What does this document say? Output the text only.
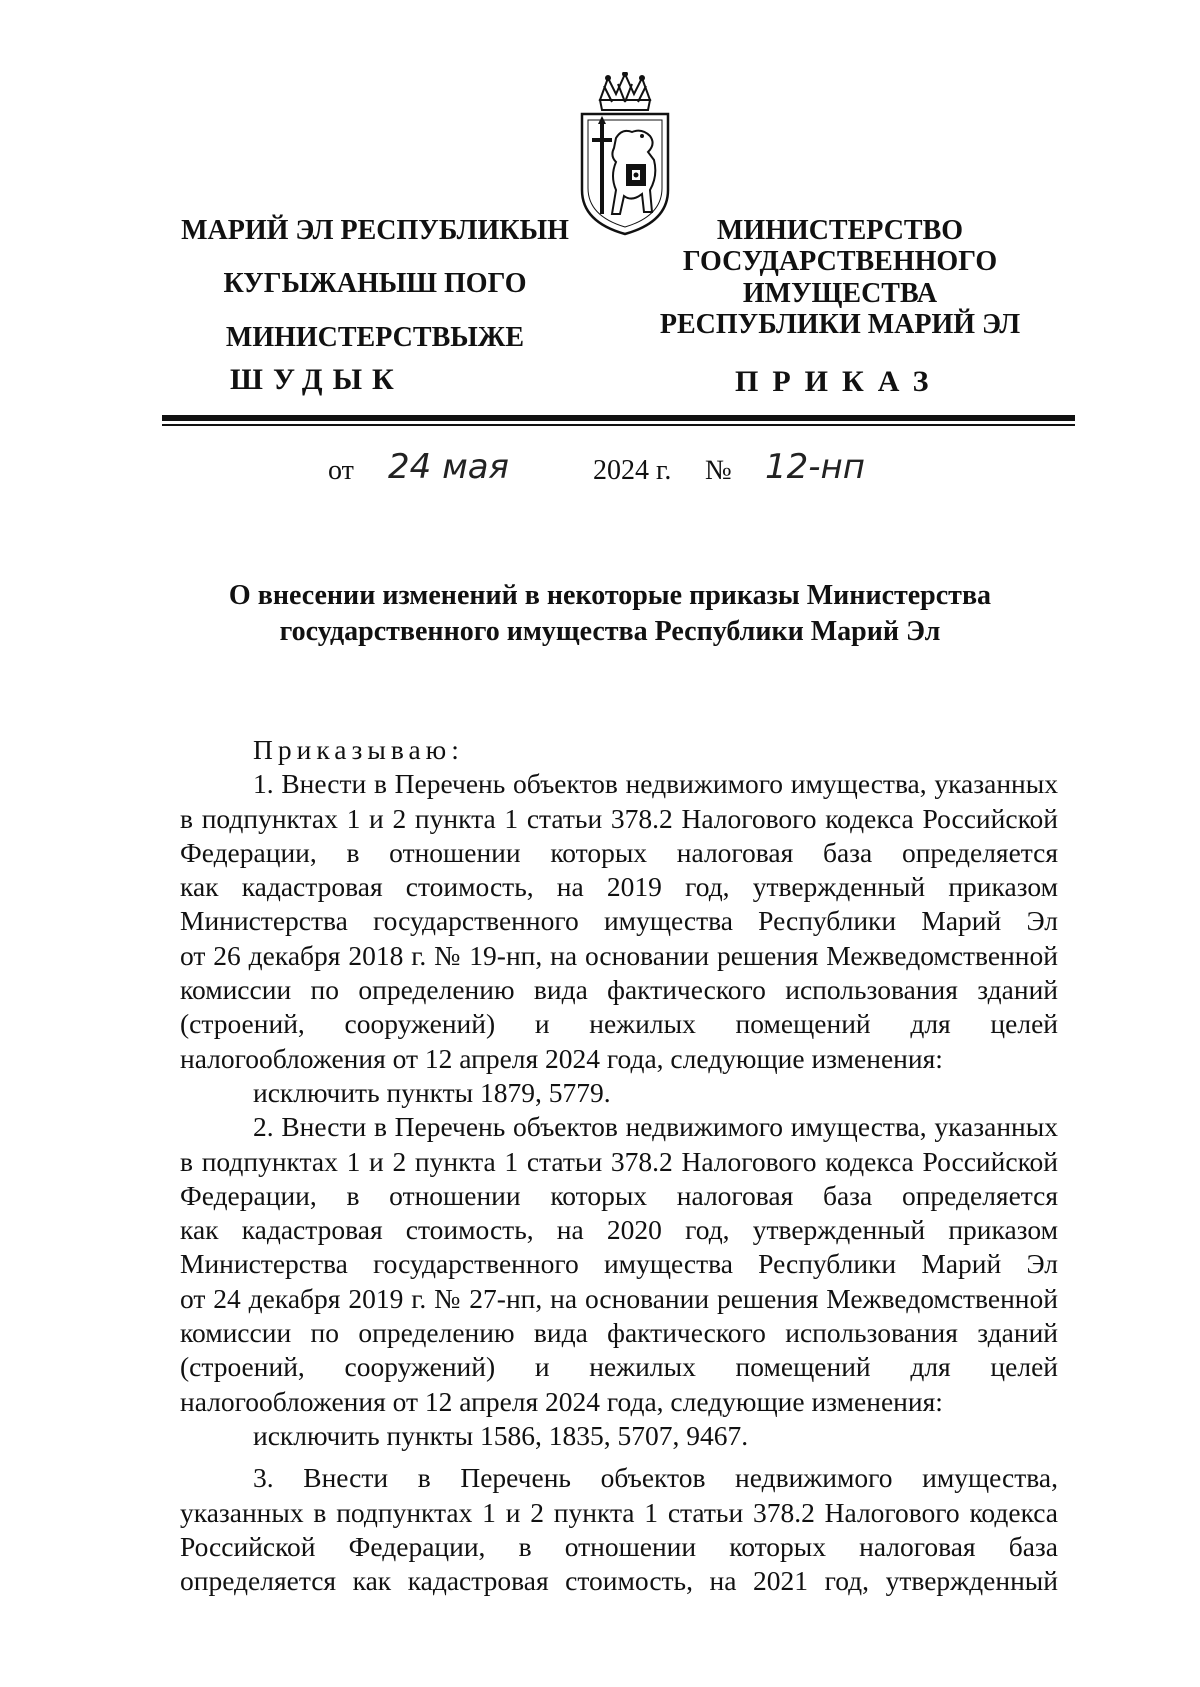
МАРИЙ ЭЛ РЕСПУБЛИКЫН
КУГЫЖАНЫШ ПОГО
МИНИСТЕРСТВЫЖЕ
МИНИСТЕРСТВО
ГОСУДАРСТВЕННОГО
ИМУЩЕСТВА
РЕСПУБЛИКИ МАРИЙ ЭЛ
ШУДЫК	ПРИКАЗ
от 24 мая	2024 г. № 12-нп
О внесении изменений в некоторые приказы Министерства
государственного имущества Республики Марий Эл
Приказываю:
1. Внести в Перечень объектов недвижимого имущества, указанных
в подпунктах 1 и 2 пункта 1 статьи 378.2 Налогового кодекса Российской
Федерации, в отношении которых налоговая база определяется
как кадастровая стоимость, на 2019 год, утвержденный приказом
Министерства государственного имущества Республики Марий Эл
от 26 декабря 2018 г. № 19-нп, на основании решения Межведомственной
комиссии по определению вида фактического использования зданий
(строений, сооружений) и нежилых помещений для целей
налогообложения от 12 апреля 2024 года, следующие изменения:
исключить пункты 1879, 5779.
2. Внести в Перечень объектов недвижимого имущества, указанных
в подпунктах 1 и 2 пункта 1 статьи 378.2 Налогового кодекса Российской
Федерации, в отношении которых налоговая база определяется
как кадастровая стоимость, на 2020 год, утвержденный приказом
Министерства государственного имущества Республики Марий Эл
от 24 декабря 2019 г. № 27-нп, на основании решения Межведомственной
комиссии по определению вида фактического использования зданий
(строений, сооружений) и нежилых помещений для целей
налогообложения от 12 апреля 2024 года, следующие изменения:
исключить пункты 1586, 1835, 5707, 9467.
3. Внести в Перечень объектов недвижимого имущества,
указанных в подпунктах 1 и 2 пункта 1 статьи 378.2 Налогового кодекса
Российской Федерации, в отношении которых налоговая база
определяется как кадастровая стоимость, на 2021 год, утвержденный
